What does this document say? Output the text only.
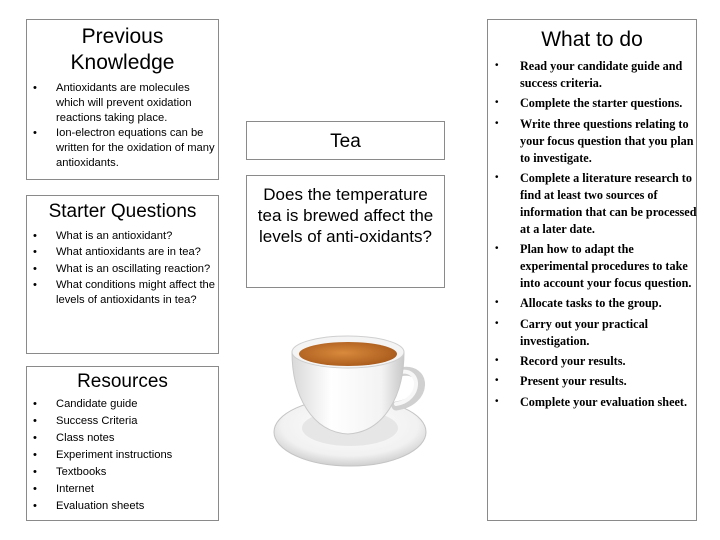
Previous Knowledge
• Antioxidants are molecules which will prevent oxidation reactions taking place.
• Ion-electron equations can be written for the oxidation of many antioxidants.
Starter Questions
• What is an antioxidant?
• What antioxidants are in tea?
• What is an oscillating reaction?
• What conditions might affect the levels of antioxidants in tea?
Resources
• Candidate guide
• Success Criteria
• Class notes
• Experiment instructions
• Textbooks
• Internet
• Evaluation sheets
Tea

Does the temperature tea is brewed affect the levels of anti-oxidants?

What to do
• Read your candidate guide and success criteria.
• Complete the starter questions.
• Write three questions relating to your focus question that you plan to investigate.
• Complete a literature research to find at least two sources of information that can be processed at a later date.
• Plan how to adapt the experimental procedures to take into account your focus question.
• Allocate tasks to the group.
• Carry out your practical investigation.
• Record your results.
• Present your results.
• Complete your evaluation sheet.
